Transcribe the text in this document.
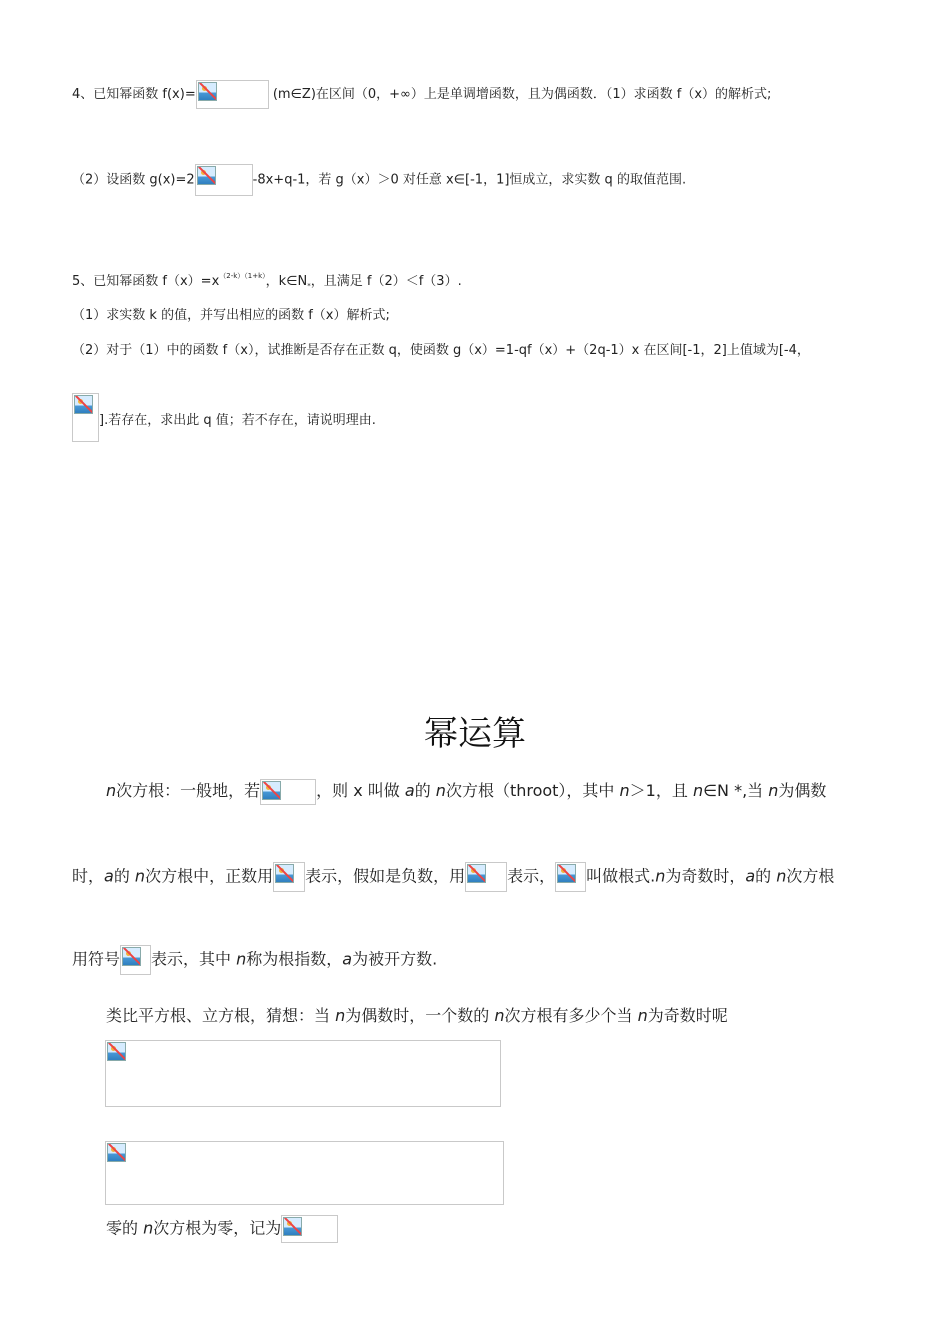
4、已知幂函数 f(x)=	(m∈Z)在区间（0，+∞）上是单调增函数，且为偶函数．（1）求函数 f（x）的解析式;
（2）设函数 g(x)=2	-8x+q-1，若 g（x）＞0 对任意 x∈[-1，1]恒成立，求实数 q 的取值范围.
5、已知幂函数 $f(x)=x^{(2-k)(1+k)}$，$k\in N_*$，且满足 f（2）＜f（3）.
（1）求实数 k 的值，并写出相应的函数 f（x）解析式;
（2）对于（1）中的函数 f（x），试推断是否存在正数 q，使函数 g（x）=1-qf（x）+（2q-1）x 在区间[-1，2]上值域为[-4，
].若存在，求出此 q 值；若不存在，请说明理由.
幂运算
n次方根：一般地，若	，则 x 叫做 a的 n次方根（throot），其中 n＞1，且 n∈N *,当 n为偶数
时，a的 n次方根中，正数用 表示，假如是负数，用	表示， 叫做根式.n为奇数时，a的 n次方根
用符号 表示，其中 n称为根指数，a为被开方数.
类比平方根、立方根，猜想：当 n为偶数时，一个数的 n次方根有多少个当 n为奇数时呢
零的 n次方根为零，记为
